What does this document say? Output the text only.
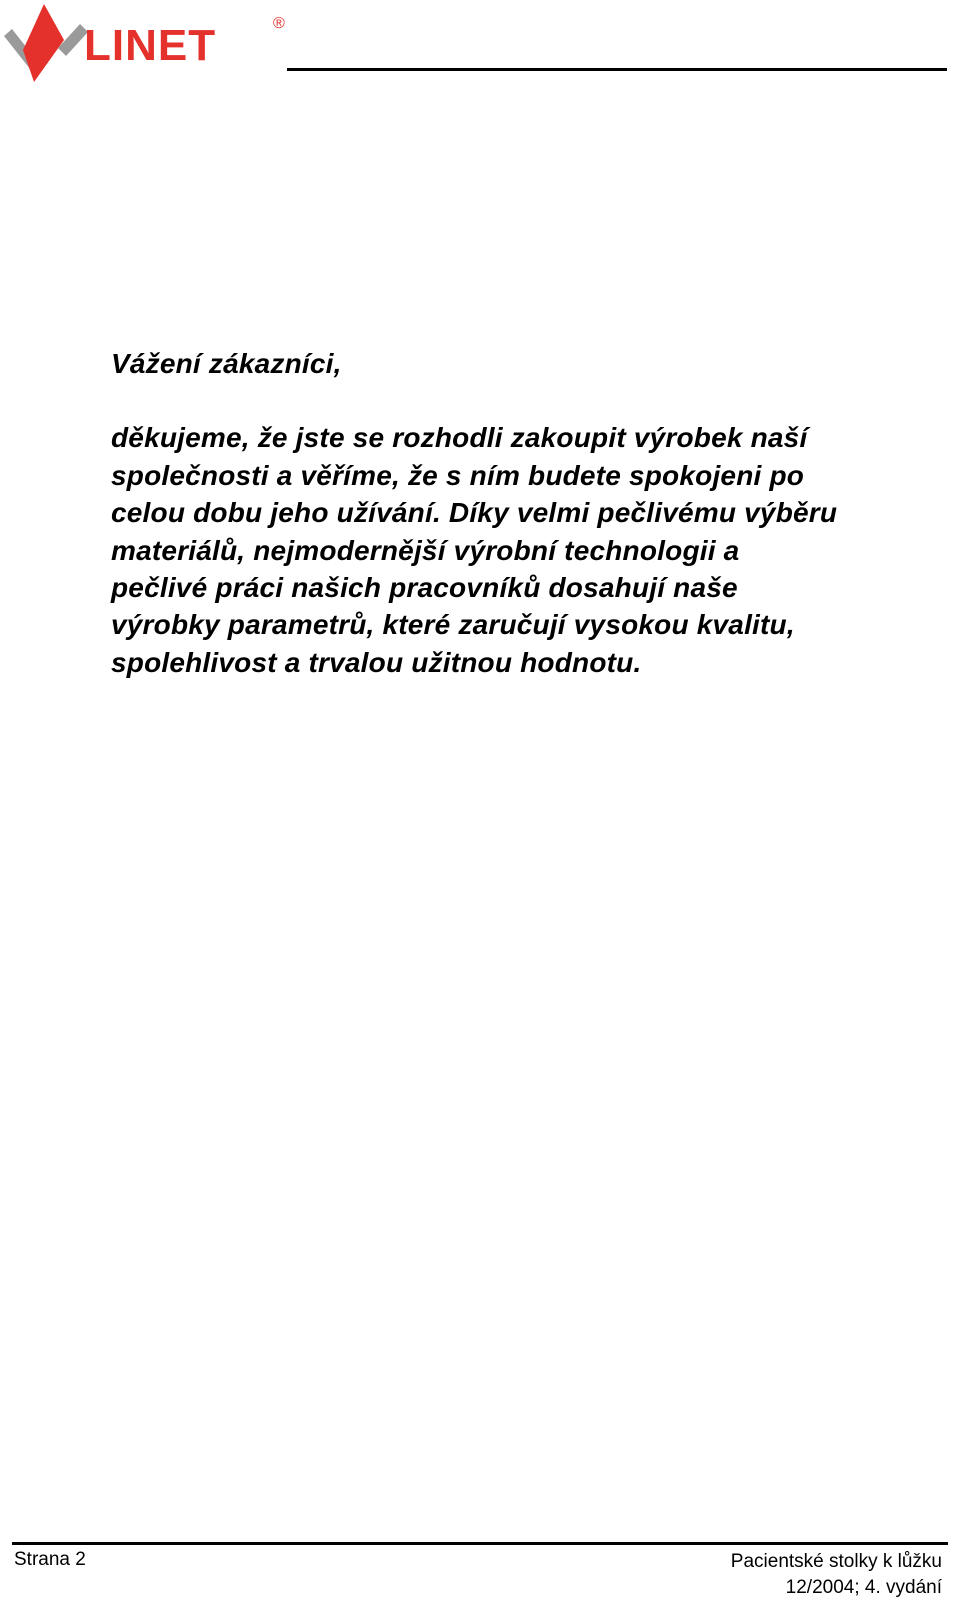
LINET	®

Vážení zákazníci,

děkujeme, že jste se rozhodli zakoupit výrobek naší
společnosti a věříme, že s ním budete spokojeni po
celou dobu jeho užívání. Díky velmi pečlivému výběru
materiálů, nejmodernější výrobní technologii a
pečlivé práci našich pracovníků dosahují naše
výrobky parametrů, které zaručují vysokou kvalitu,
spolehlivost a trvalou užitnou hodnotu.

Strana 2	Pacientské stolky k lůžku
12/2004; 4. vydání
